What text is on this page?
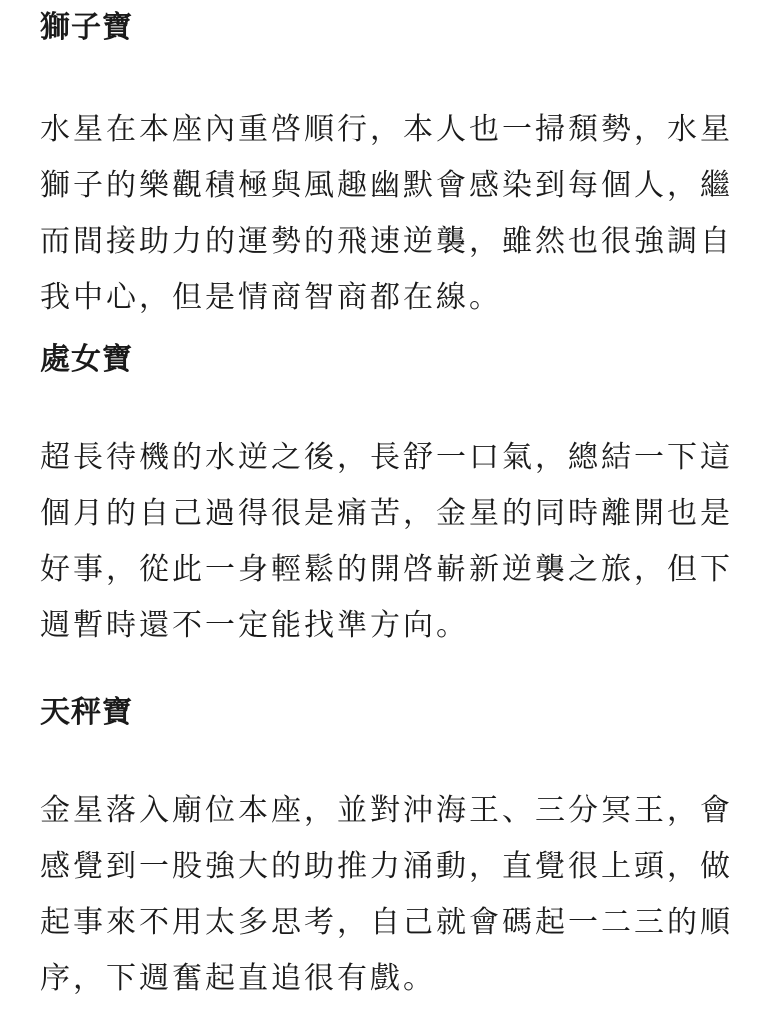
獅子寶

水星在本座內重啓順行，本人也一掃頹勢，水星
獅子的樂觀積極與風趣幽默會感染到每個人，繼
而間接助力的運勢的飛速逆襲，雖然也很強調自
我中心，但是情商智商都在線。

處女寶

超長待機的水逆之後，長舒一口氣，總結一下這
個月的自己過得很是痛苦，金星的同時離開也是
好事，從此一身輕鬆的開啓嶄新逆襲之旅，但下
週暫時還不一定能找準方向。

天秤寶

金星落入廟位本座，並對沖海王、三分冥王，會
感覺到一股強大的助推力涌動，直覺很上頭，做
起事來不用太多思考，自己就會碼起一二三的順
序，下週奮起直追很有戲。
